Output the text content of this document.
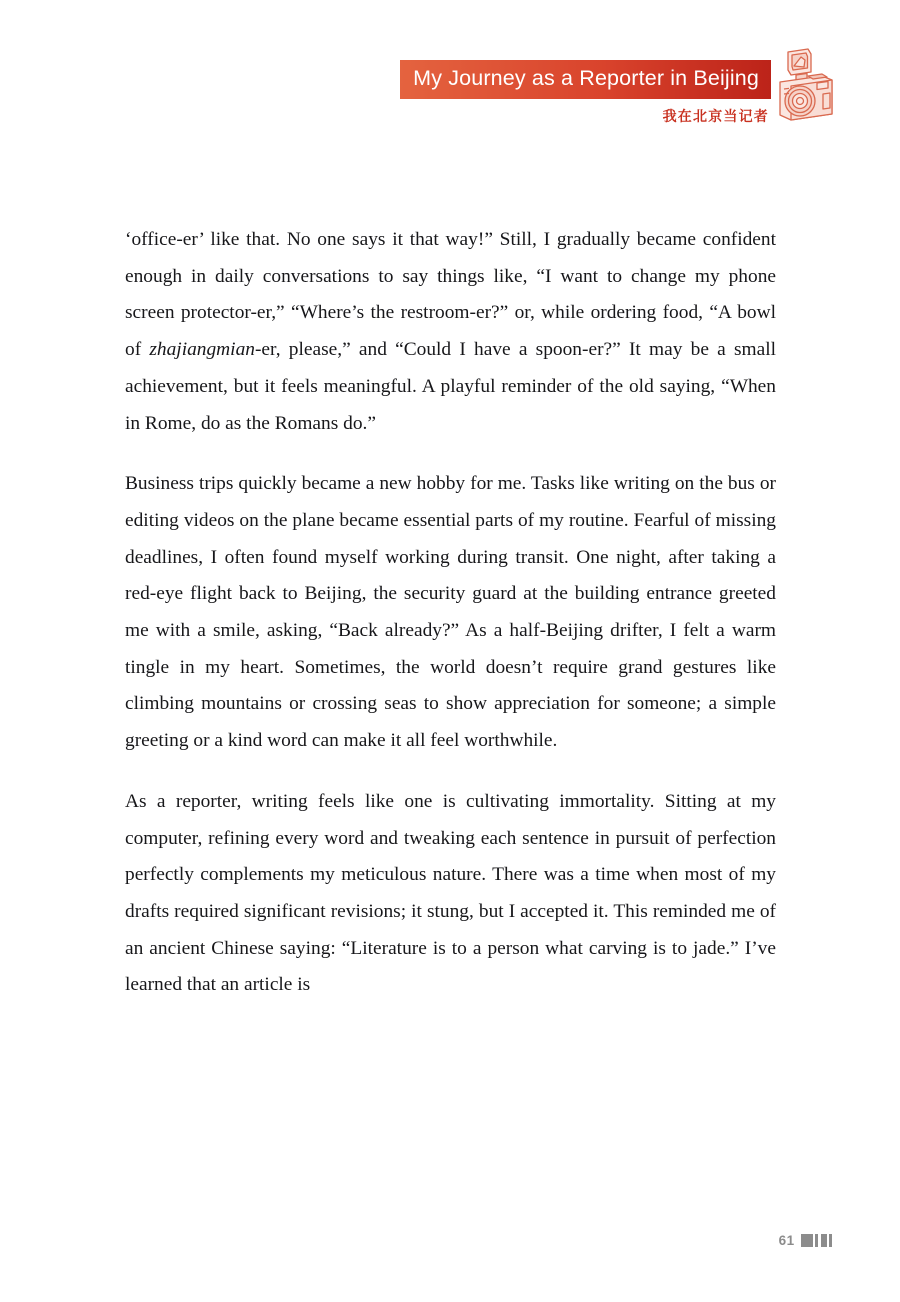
My Journey as a Reporter in Beijing
我在北京当记者

‘office-er’ like that. No one says it that way!” Still, I gradually became confident enough in daily conversations to say things like, “I want to change my phone screen protector-er,” “Where’s the restroom-er?” or, while ordering food, “A bowl of zhajiangmian-er, please,” and “Could I have a spoon-er?” It may be a small achievement, but it feels meaningful. A playful reminder of the old saying, “When in Rome, do as the Romans do.”

Business trips quickly became a new hobby for me. Tasks like writing on the bus or editing videos on the plane became essential parts of my routine. Fearful of missing deadlines, I often found myself working during transit. One night, after taking a red-eye flight back to Beijing, the security guard at the building entrance greeted me with a smile, asking, “Back already?” As a half-Beijing drifter, I felt a warm tingle in my heart. Sometimes, the world doesn’t require grand gestures like climbing mountains or crossing seas to show appreciation for someone; a simple greeting or a kind word can make it all feel worthwhile.

As a reporter, writing feels like one is cultivating immortality. Sitting at my computer, refining every word and tweaking each sentence in pursuit of perfection perfectly complements my meticulous nature. There was a time when most of my drafts required significant revisions; it stung, but I accepted it. This reminded me of an ancient Chinese saying: “Literature is to a person what carving is to jade.” I’ve learned that an article is

61
